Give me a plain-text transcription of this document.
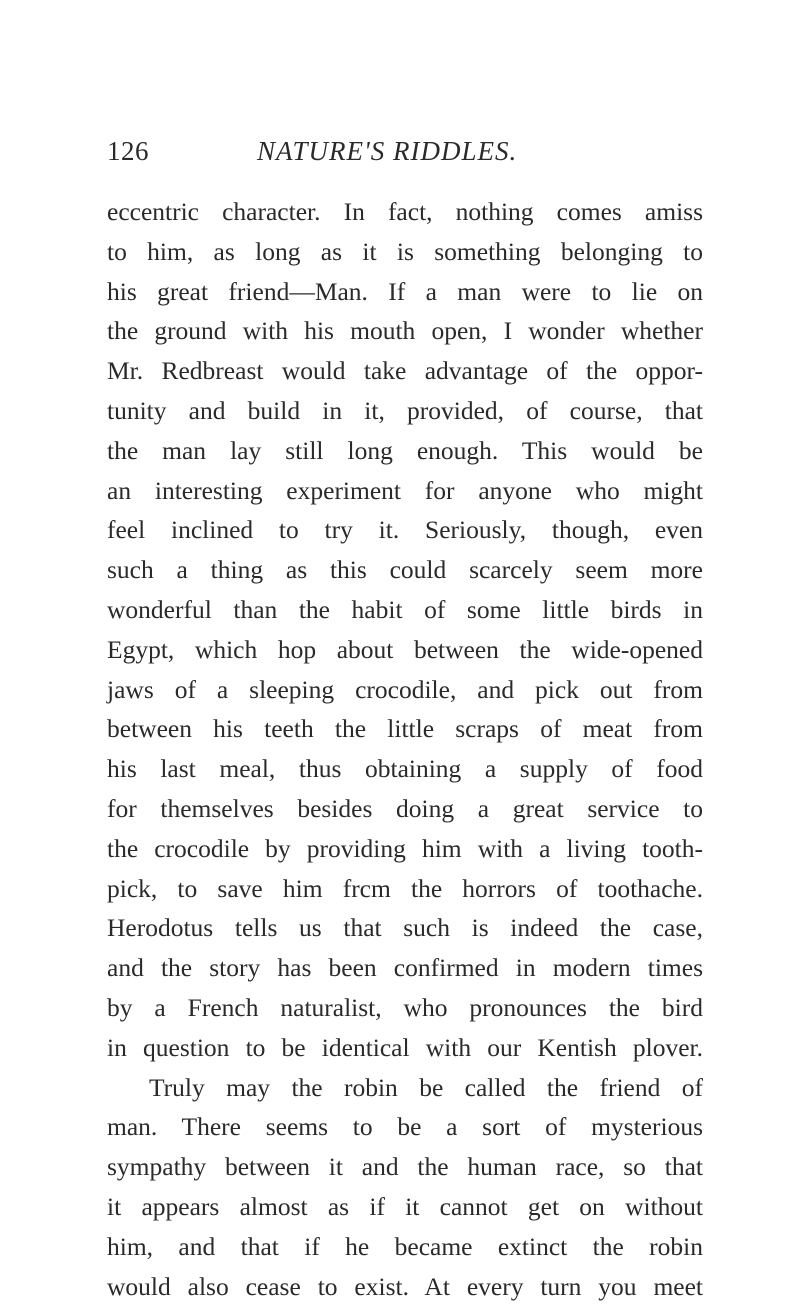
126	NATURE'S RIDDLES.
eccentric character. In fact, nothing comes amiss
to him, as long as it is something belonging to
his great friend—Man. If a man were to lie on
the ground with his mouth open, I wonder whether
Mr. Redbreast would take advantage of the oppor-
tunity and build in it, provided, of course, that
the man lay still long enough. This would be
an interesting experiment for anyone who might
feel inclined to try it. Seriously, though, even
such a thing as this could scarcely seem more
wonderful than the habit of some little birds in
Egypt, which hop about between the wide-opened
jaws of a sleeping crocodile, and pick out from
between his teeth the little scraps of meat from
his last meal, thus obtaining a supply of food
for themselves besides doing a great service to
the crocodile by providing him with a living tooth-
pick, to save him frcm the horrors of toothache.
Herodotus tells us that such is indeed the case,
and the story has been confirmed in modern times
by a French naturalist, who pronounces the bird
in question to be identical with our Kentish plover.
Truly may the robin be called the friend of
man. There seems to be a sort of mysterious
sympathy between it and the human race, so that
it appears almost as if it cannot get on without
him, and that if he became extinct the robin
would also cease to exist. At every turn you meet
